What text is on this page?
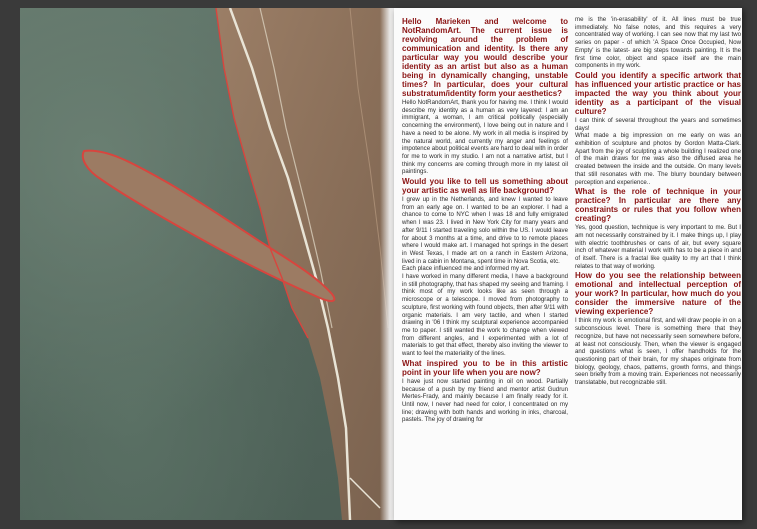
Hello Marieken and welcome to NotRandomArt. The current issue is revolving around the problem of communication and identity. Is there any particular way you would describe your identity as an artist but also as a human being in dynamically changing, unstable times? In particular, does your cultural substratum/identity form your aesthetics?

Hello NotRandomArt, thank you for having me. I think I would describe my identity as a human as very layered: I am an immigrant, a woman, I am critical politically (especially concerning the environment), I love being out in nature and I have a need to be alone. My work in all media is inspired by the natural world, and currently my anger and feelings of impotence about political events are hard to deal with in order for me to work in my studio. I am not a narrative artist, but I think my concerns are coming through more in my latest oil paintings.

Would you like to tell us something about your artistic as well as life background?

I grew up in the Netherlands, and knew I wanted to leave from an early age on. I wanted to be an explorer. I had a chance to come to NYC when I was 18 and fully emigrated when I was 23. I lived in New York City for many years and after 9/11 I started traveling solo within the US. I would leave for about 3 months at a time, and drive to to remote places where I would make art. I managed hot springs in the desert in West Texas, I made art on a ranch in Eastern Arizona, lived in a cabin in Montana, spent time in Nova Scotia, etc.

Each place influenced me and informed my art.

I have worked in many different media, I have a background in still photography, that has shaped my seeing and framing. I think most of my work looks like as seen through a microscope or a telescope. I moved from photography to sculpture, first working with found objects, then after 9/11 with organic materials. I am very tactile, and when I started drawing in '06 I think my sculptural experience accompanied me to paper. I still wanted the work to change when viewed from different angles, and I experimented with a lot of materials to get that effect, thereby also inviting the viewer to want to feel the materiality of the lines.

What inspired you to be in this artistic point in your life when you are now?

I have just now started painting in oil on wood. Partially because of a push by my friend and mentor artist Gudrun Mertes-Frady, and mainly because I am finally ready for it. Until now, I never had need for color, I concentrated on my line; drawing with both hands and working in inks, charcoal, pastels. The joy of drawing for

me is the 'in-erasability' of it. All lines must be true immediately. No false notes, and this requires a very concentrated way of working. I can see now that my last two series on paper - of which 'A Space Once Occupied, Now Empty' is the latest- are big steps towards painting. It is the first time color, object and space itself are the main components in my work.

Could you identify a specific artwork that has influenced your artistic practice or has impacted the way you think about your identity as a participant of the visual culture?

I can think of several throughout the years and sometimes days!

What made a big impression on me early on was an exhibition of sculpture and photos by Gordon Matta-Clark. Apart from the joy of sculpting a whole building I realized one of the main draws for me was also the diffused area he created between the inside and the outside. On many levels that still resonates with me. The blurry boundary between perception and experience..

What is the role of technique in your practice? In particular are there any constraints or rules that you follow when creating?

Yes, good question, technique is very important to me. But I am not necessarily constrained by it. I make things up, I play with electric toothbrushes or cans of air, but every square inch of whatever material I work with has to be a piece in and of itself. There is a fractal like quality to my art that I think relates to that way of working.

How do you see the relationship between emotional and intellectual perception of your work? In particular, how much do you consider the immersive nature of the viewing experience?

I think my work is emotional first, and will draw people in on a subconscious level. There is something there that they recognize, but have not necessarily seen somewhere before, at least not consciously. Then, when the viewer is engaged and questions what is seen, I offer handholds for the questioning part of their brain, for my shapes originate from biology, geology, chaos, patterns, growth forms, and things seen briefly from a moving train. Experiences not necessarily translatable, but recognizable still.
